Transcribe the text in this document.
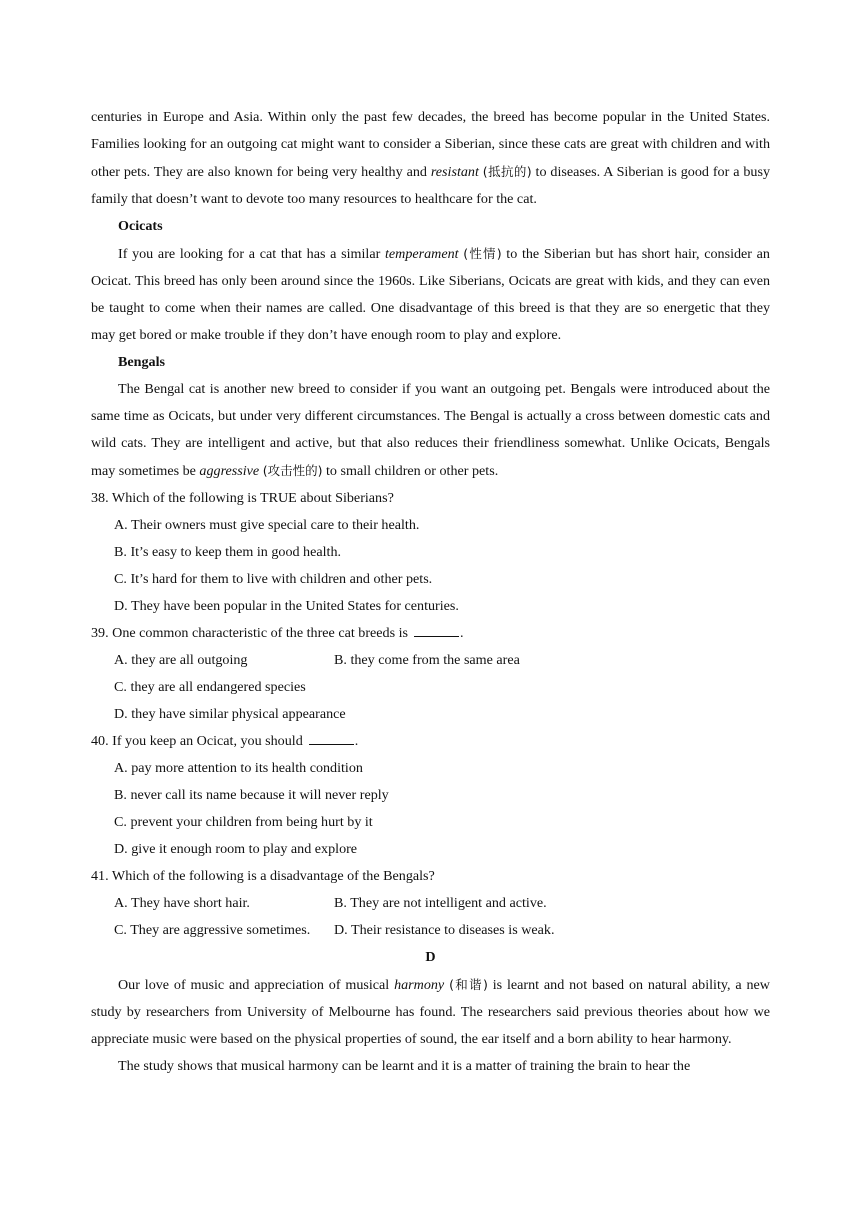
centuries in Europe and Asia. Within only the past few decades, the breed has become popular in the United States. Families looking for an outgoing cat might want to consider a Siberian, since these cats are great with children and with other pets. They are also known for being very healthy and resistant (抵抗的) to diseases. A Siberian is good for a busy family that doesn’t want to devote too many resources to healthcare for the cat.

Ocicats

If you are looking for a cat that has a similar temperament (性情) to the Siberian but has short hair, consider an Ocicat. This breed has only been around since the 1960s. Like Siberians, Ocicats are great with kids, and they can even be taught to come when their names are called. One disadvantage of this breed is that they are so energetic that they may get bored or make trouble if they don’t have enough room to play and explore.

Bengals

The Bengal cat is another new breed to consider if you want an outgoing pet. Bengals were introduced about the same time as Ocicats, but under very different circumstances. The Bengal is actually a cross between domestic cats and wild cats. They are intelligent and active, but that also reduces their friendliness somewhat. Unlike Ocicats, Bengals may sometimes be aggressive (攻击性的) to small children or other pets.

38. Which of the following is TRUE about Siberians?

A. Their owners must give special care to their health.

B. It’s easy to keep them in good health.

C. It’s hard for them to live with children and other pets.

D. They have been popular in the United States for centuries.

39. One common characteristic of the three cat breeds is	.

A. they are all outgoing	B. they come from the same area

C. they are all endangered species

D. they have similar physical appearance

40. If you keep an Ocicat, you should	.

A. pay more attention to its health condition

B. never call its name because it will never reply

C. prevent your children from being hurt by it

D. give it enough room to play and explore

41. Which of the following is a disadvantage of the Bengals?

A. They have short hair.	B. They are not intelligent and active.
C. They are aggressive sometimes.	D. Their resistance to diseases is weak.

D

Our love of music and appreciation of musical harmony (和谐) is learnt and not based on natural ability, a new study by researchers from University of Melbourne has found. The researchers said previous theories about how we appreciate music were based on the physical properties of sound, the ear itself and a born ability to hear harmony.

The study shows that musical harmony can be learnt and it is a matter of training the brain to hear the
